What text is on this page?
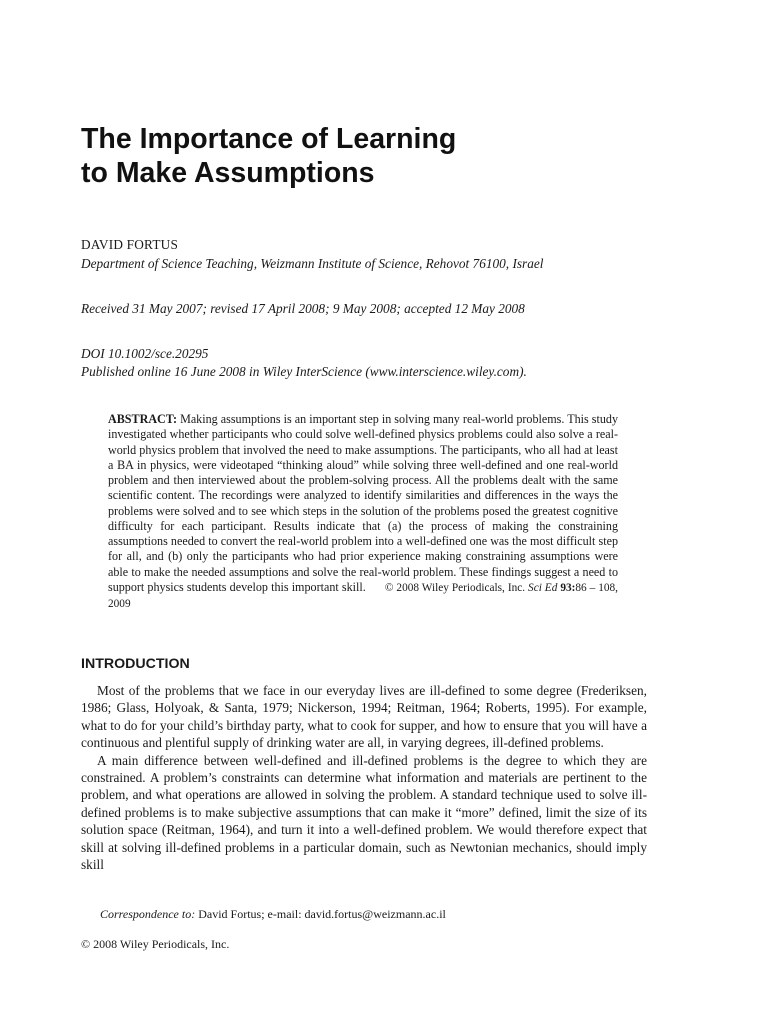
The Importance of Learning
to Make Assumptions
DAVID FORTUS
Department of Science Teaching, Weizmann Institute of Science, Rehovot 76100, Israel
Received 31 May 2007; revised 17 April 2008; 9 May 2008; accepted 12 May 2008
DOI 10.1002/sce.20295
Published online 16 June 2008 in Wiley InterScience (www.interscience.wiley.com).
ABSTRACT: Making assumptions is an important step in solving many real-world problems. This study investigated whether participants who could solve well-defined physics problems could also solve a real-world physics problem that involved the need to make assumptions. The participants, who all had at least a BA in physics, were videotaped “thinking aloud” while solving three well-defined and one real-world problem and then interviewed about the problem-solving process. All the problems dealt with the same scientific content. The recordings were analyzed to identify similarities and differences in the ways the problems were solved and to see which steps in the solution of the problems posed the greatest cognitive difficulty for each participant. Results indicate that (a) the process of making the constraining assumptions needed to convert the real-world problem into a well-defined one was the most difficult step for all, and (b) only the participants who had prior experience making constraining assumptions were able to make the needed assumptions and solve the real-world problem. These findings suggest a need to support physics students develop this important skill. © 2008 Wiley Periodicals, Inc. Sci Ed 93:86 – 108, 2009
INTRODUCTION

Most of the problems that we face in our everyday lives are ill-defined to some degree (Frederiksen, 1986; Glass, Holyoak, & Santa, 1979; Nickerson, 1994; Reitman, 1964; Roberts, 1995). For example, what to do for your child’s birthday party, what to cook for supper, and how to ensure that you will have a continuous and plentiful supply of drinking water are all, in varying degrees, ill-defined problems.

A main difference between well-defined and ill-defined problems is the degree to which they are constrained. A problem’s constraints can determine what information and materials are pertinent to the problem, and what operations are allowed in solving the problem. A standard technique used to solve ill-defined problems is to make subjective assumptions that can make it “more” defined, limit the size of its solution space (Reitman, 1964), and turn it into a well-defined problem. We would therefore expect that skill at solving ill-defined problems in a particular domain, such as Newtonian mechanics, should imply skill

Correspondence to: David Fortus; e-mail: david.fortus@weizmann.ac.il
© 2008 Wiley Periodicals, Inc.
